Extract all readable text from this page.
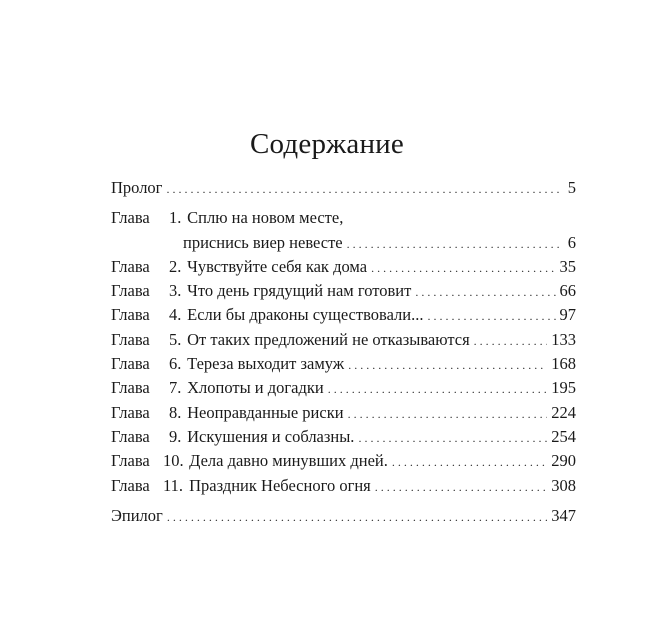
Содержание
Пролог . . .	5
Глава 1. Сплю на новом месте,
приснись виер невесте . . .	6
Глава 2. Чувствуйте себя как дома . . .	35
Глава 3. Что день грядущий нам готовит . . .	66
Глава 4. Если бы драконы существовали... . . .	97
Глава 5. От таких предложений не отказываются . . .	133
Глава 6. Тереза выходит замуж . . .	168
Глава 7. Хлопоты и догадки . . .	195
Глава 8. Неоправданные риски . . .	224
Глава 9. Искушения и соблазны. . . .	254
Глава 10. Дела давно минувших дней. . . .	290
Глава 11. Праздник Небесного огня . . .	308
Эпилог . . .	347
